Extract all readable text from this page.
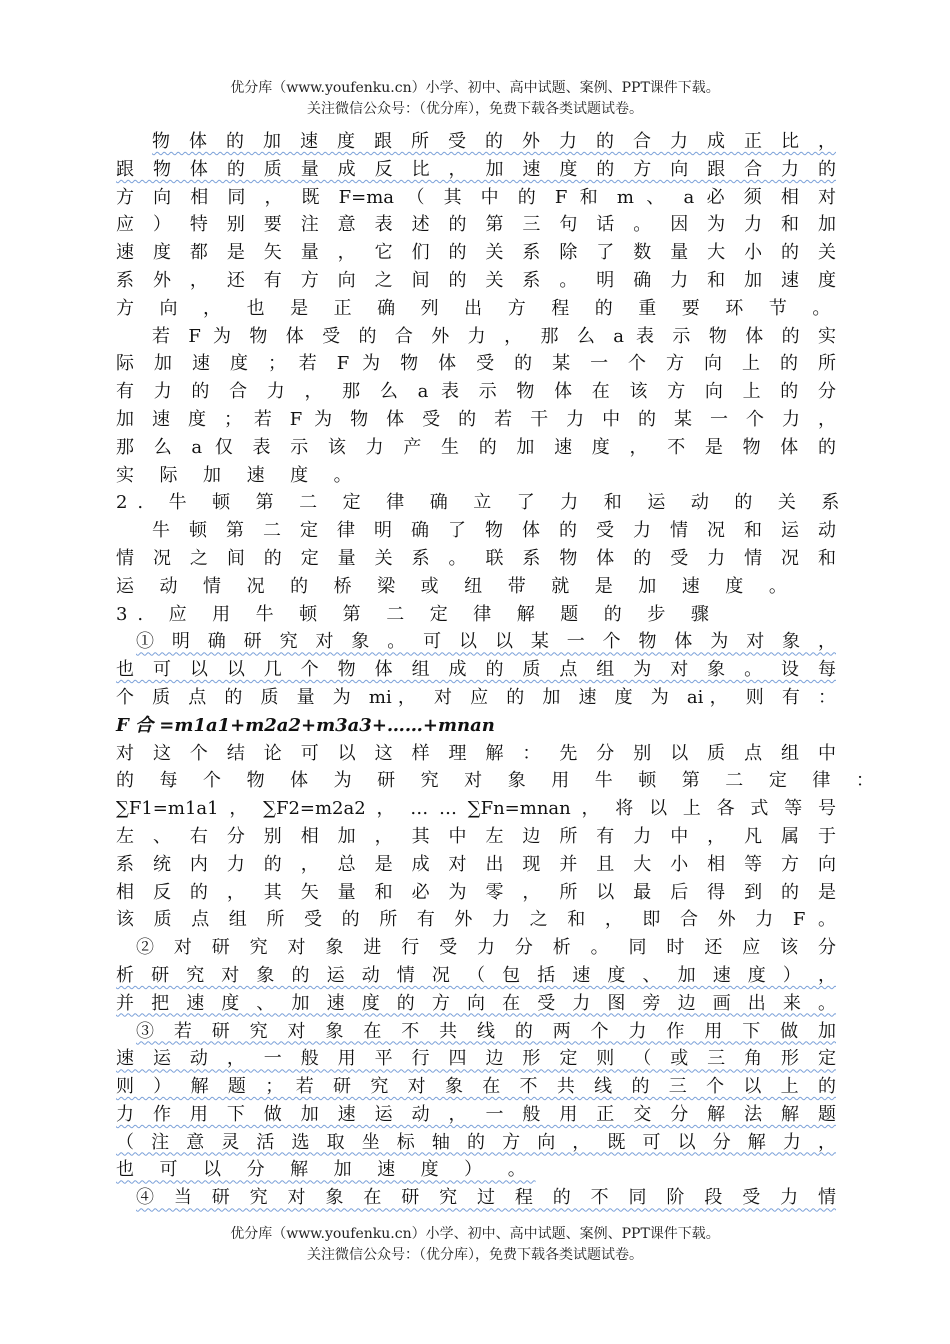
优分库（www.youfenku.cn）小学、初中、高中试题、案例、PPT课件下载。
关注微信公众号：（优分库），免费下载各类试题试卷。
物 体 的 加 速 度 跟 所 受 的 外 力 的 合 力 成 正 比 ，
跟 物 体 的 质 量 成 反 比 ， 加 速 度 的 方 向 跟 合 力 的
方 向 相 同 ， 既 F=ma （ 其 中 的 F 和 m 、 a 必 须 相 对
应 ） 特 别 要 注 意 表 述 的 第 三 句 话 。 因 为 力 和 加
速 度 都 是 矢 量 ， 它 们 的 关 系 除 了 数 量 大 小 的 关
系 外 ， 还 有 方 向 之 间 的 关 系 。 明 确 力 和 加 速 度
方 向 ， 也 是 正 确 列 出 方 程 的 重 要 环 节 。
若 F 为 物 体 受 的 合 外 力 ， 那 么 a 表 示 物 体 的 实
际 加 速 度 ； 若 F 为 物 体 受 的 某 一 个 方 向 上 的 所
有 力 的 合 力 ， 那 么 a 表 示 物 体 在 该 方 向 上 的 分
加 速 度 ； 若 F 为 物 体 受 的 若 干 力 中 的 某 一 个 力 ，
那 么 a 仅 表 示 该 力 产 生 的 加 速 度 ， 不 是 物 体 的
实 际 加 速 度 。
2. 牛 顿 第 二 定 律 确 立 了 力 和 运 动 的 关 系
牛 顿 第 二 定 律 明 确 了 物 体 的 受 力 情 况 和 运 动
情 况 之 间 的 定 量 关 系 。 联 系 物 体 的 受 力 情 况 和
运 动 情 况 的 桥 梁 或 纽 带 就 是 加 速 度 。
3. 应 用 牛 顿 第 二 定 律 解 题 的 步 骤
① 明 确 研 究 对 象 。 可 以 以 某 一 个 物 体 为 对 象 ，
也 可 以 以 几 个 物 体 组 成 的 质 点 组 为 对 象 。 设 每
个 质 点 的 质 量 为 mi， 对 应 的 加 速 度 为 ai， 则 有 ：
F 合 =m1a1+m2a2+m3a3+……+mnan
对 这 个 结 论 可 以 这 样 理 解 ： 先 分 别 以 质 点 组 中
的 每 个 物 体 为 研 究 对 象 用 牛 顿 第 二 定 律 ：
∑F1=m1a1 ， ∑F2=m2a2 ， … … ∑Fn=mnan ， 将 以 上 各 式 等 号
左 、 右 分 别 相 加 ， 其 中 左 边 所 有 力 中 ， 凡 属 于
系 统 内 力 的 ， 总 是 成 对 出 现 并 且 大 小 相 等 方 向
相 反 的 ， 其 矢 量 和 必 为 零 ， 所 以 最 后 得 到 的 是
该 质 点 组 所 受 的 所 有 外 力 之 和 ， 即 合 外 力 F 。
② 对 研 究 对 象 进 行 受 力 分 析 。 同 时 还 应 该 分
析 研 究 对 象 的 运 动 情 况 （ 包 括 速 度 、 加 速 度 ） ，
并 把 速 度 、 加 速 度 的 方 向 在 受 力 图 旁 边 画 出 来 。
③ 若 研 究 对 象 在 不 共 线 的 两 个 力 作 用 下 做 加
速 运 动 ， 一 般 用 平 行 四 边 形 定 则 （ 或 三 角 形 定
则 ） 解 题 ； 若 研 究 对 象 在 不 共 线 的 三 个 以 上 的
力 作 用 下 做 加 速 运 动 ， 一 般 用 正 交 分 解 法 解 题
（ 注 意 灵 活 选 取 坐 标 轴 的 方 向 ， 既 可 以 分 解 力 ，
也 可 以 分 解 加 速 度 ） 。
④ 当 研 究 对 象 在 研 究 过 程 的 不 同 阶 段 受 力 情
优分库（www.youfenku.cn）小学、初中、高中试题、案例、PPT课件下载。
关注微信公众号：（优分库），免费下载各类试题试卷。
